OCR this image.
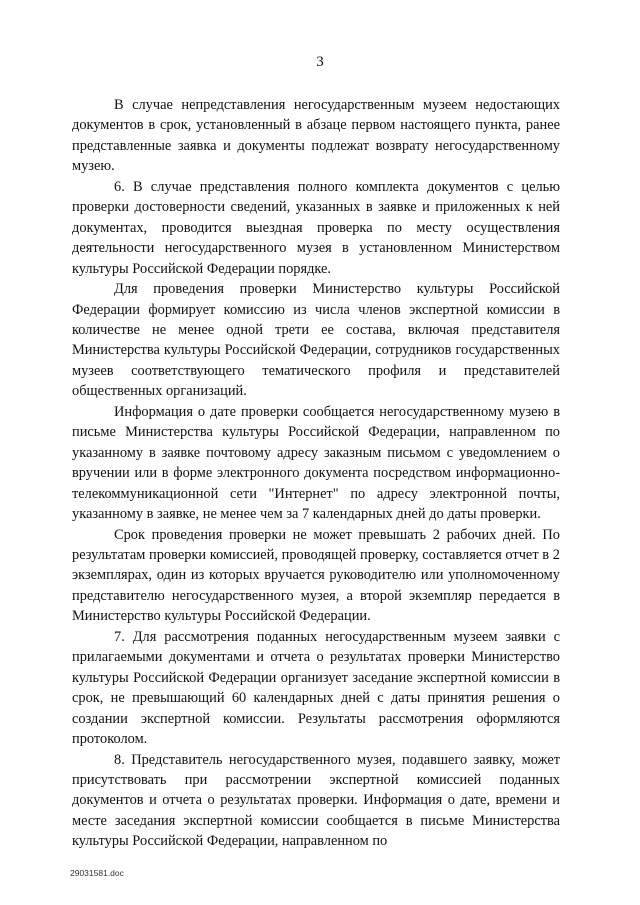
3

В случае непредставления негосударственным музеем недостающих документов в срок, установленный в абзаце первом настоящего пункта, ранее представленные заявка и документы подлежат возврату негосударственному музею.

6. В случае представления полного комплекта документов с целью проверки достоверности сведений, указанных в заявке и приложенных к ней документах, проводится выездная проверка по месту осуществления деятельности негосударственного музея в установленном Министерством культуры Российской Федерации порядке.

Для проведения проверки Министерство культуры Российской Федерации формирует комиссию из числа членов экспертной комиссии в количестве не менее одной трети ее состава, включая представителя Министерства культуры Российской Федерации, сотрудников государственных музеев соответствующего тематического профиля и представителей общественных организаций.

Информация о дате проверки сообщается негосударственному музею в письме Министерства культуры Российской Федерации, направленном по указанному в заявке почтовому адресу заказным письмом с уведомлением о вручении или в форме электронного документа посредством информационно-телекоммуникационной сети "Интернет" по адресу электронной почты, указанному в заявке, не менее чем за 7 календарных дней до даты проверки.

Срок проведения проверки не может превышать 2 рабочих дней. По результатам проверки комиссией, проводящей проверку, составляется отчет в 2 экземплярах, один из которых вручается руководителю или уполномоченному представителю негосударственного музея, а второй экземпляр передается в Министерство культуры Российской Федерации.

7. Для рассмотрения поданных негосударственным музеем заявки с прилагаемыми документами и отчета о результатах проверки Министерство культуры Российской Федерации организует заседание экспертной комиссии в срок, не превышающий 60 календарных дней с даты принятия решения о создании экспертной комиссии. Результаты рассмотрения оформляются протоколом.

8. Представитель негосударственного музея, подавшего заявку, может присутствовать при рассмотрении экспертной комиссией поданных документов и отчета о результатах проверки. Информация о дате, времени и месте заседания экспертной комиссии сообщается в письме Министерства культуры Российской Федерации, направленном по

29031581.doc
